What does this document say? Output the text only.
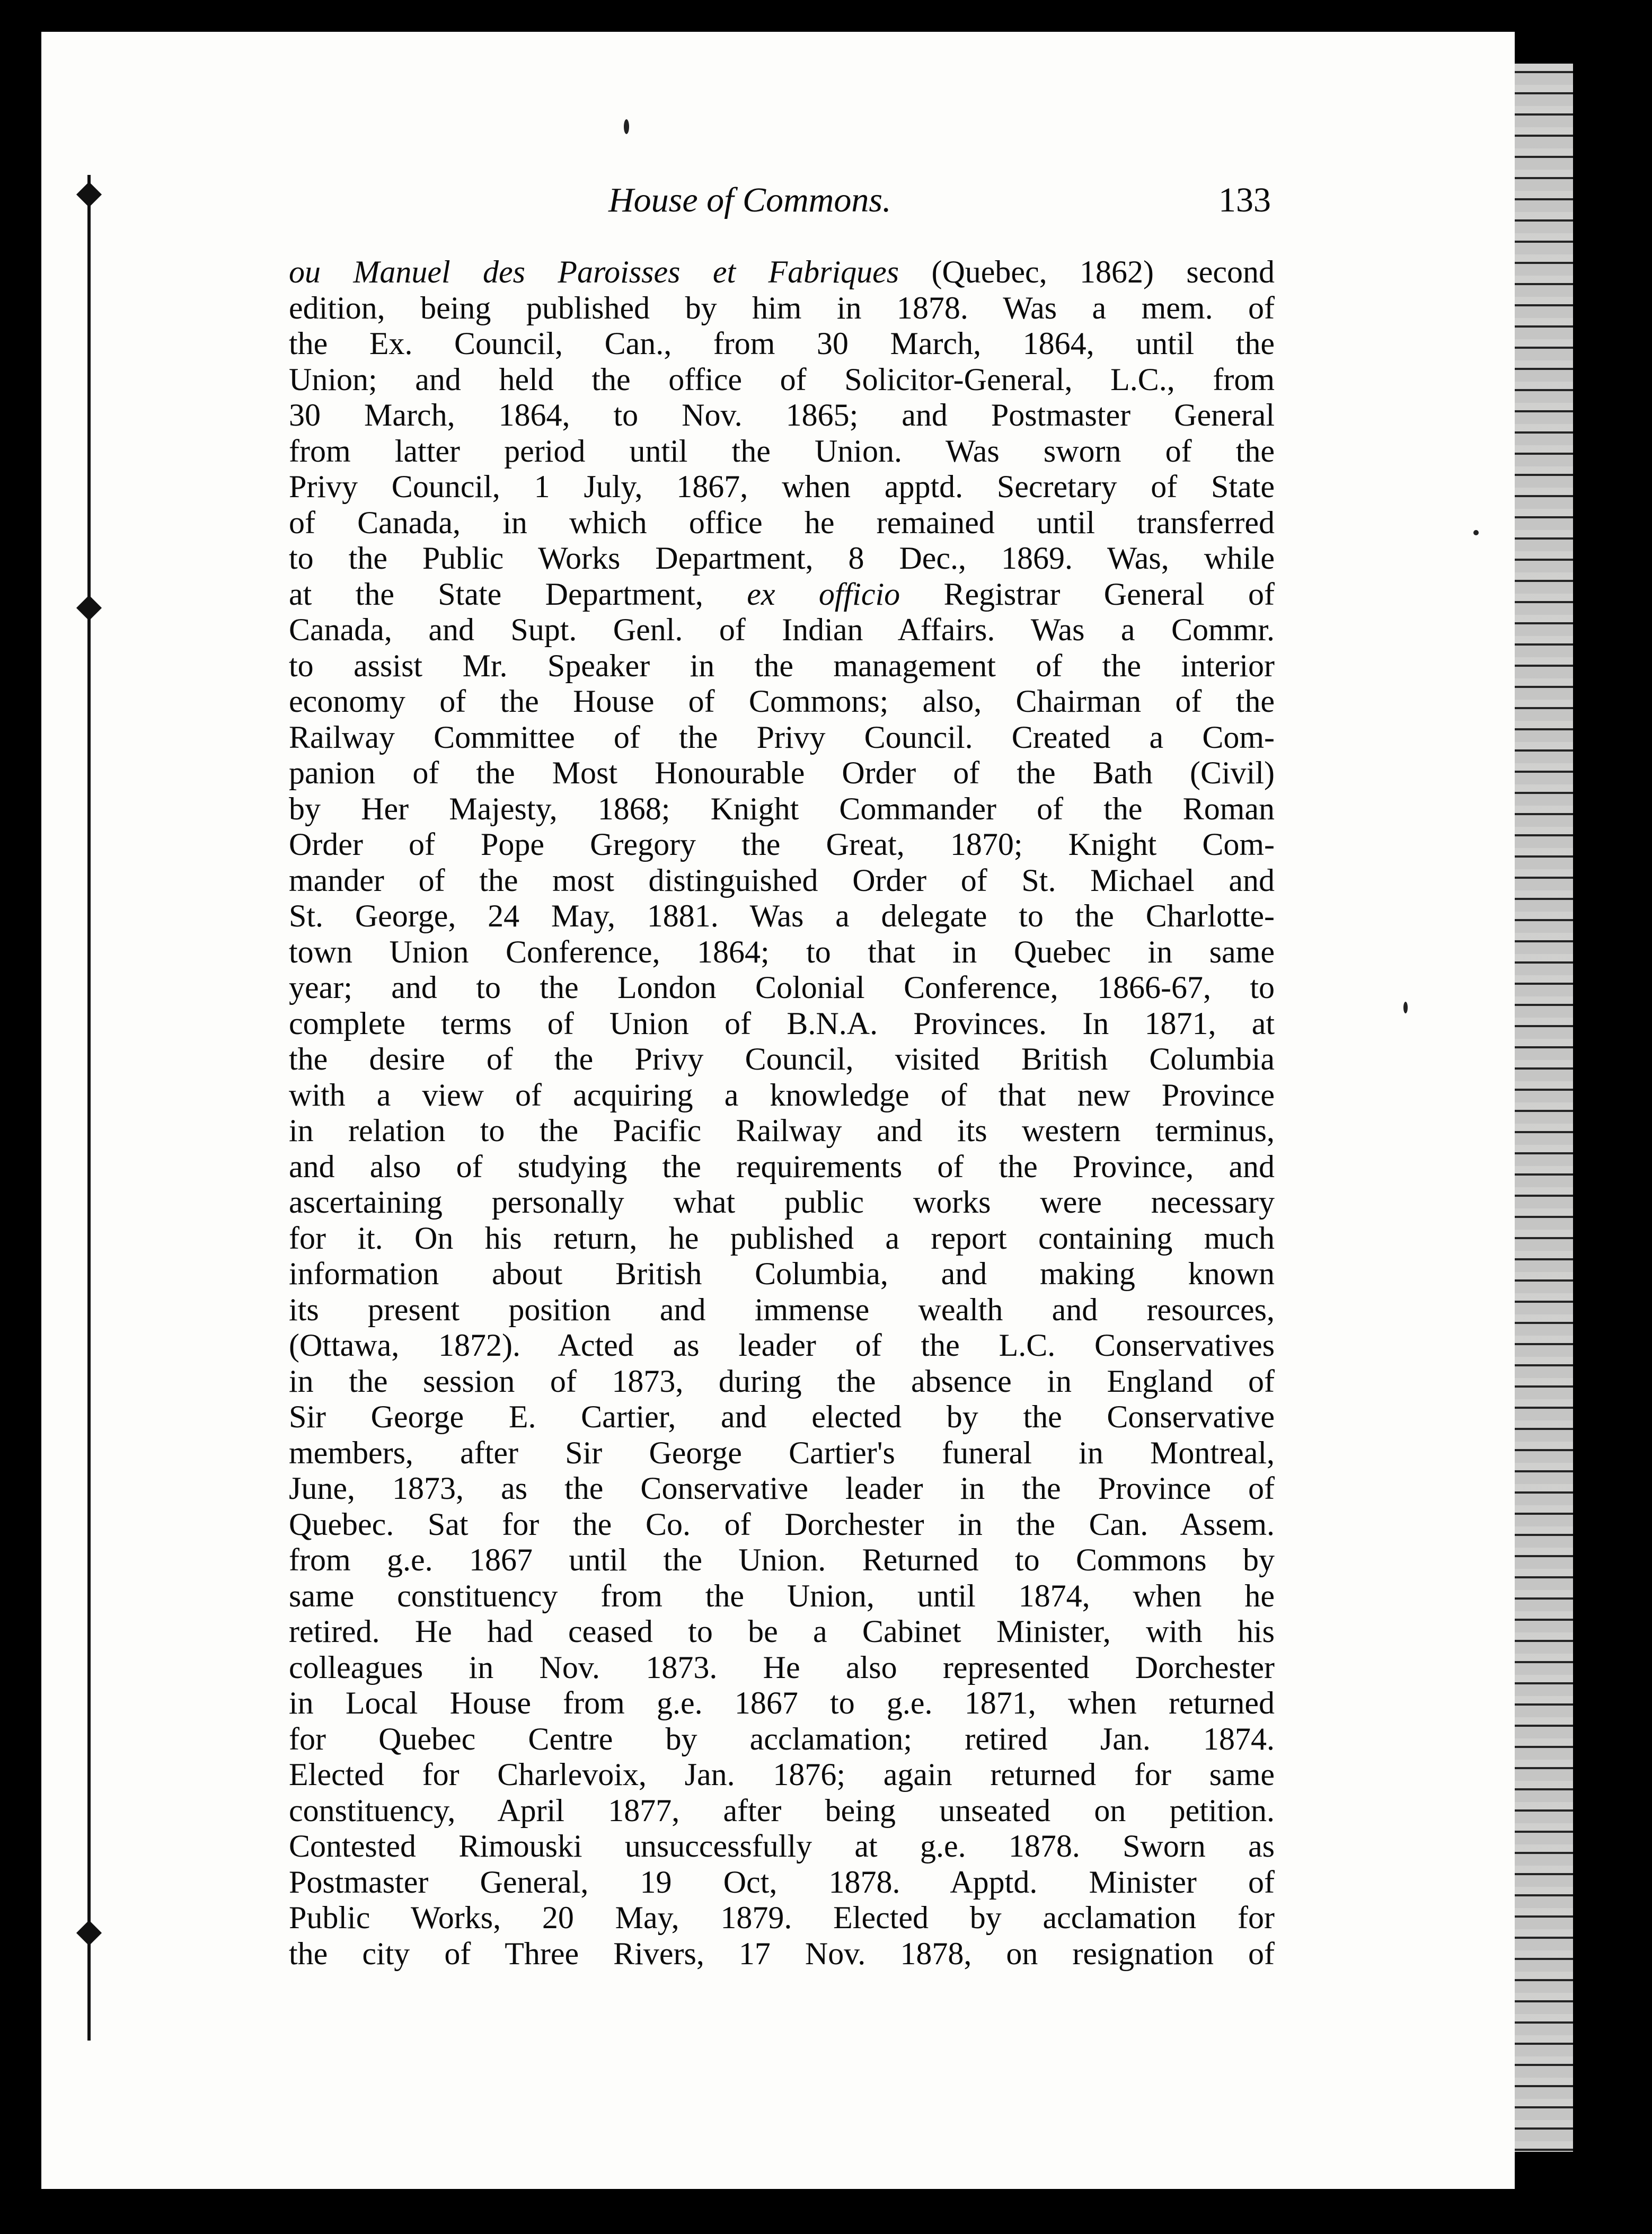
House of Commons.	133
ou Manuel des Paroisses et Fabriques (Quebec, 1862) second
edition, being published by him in 1878. Was a mem. of
the Ex. Council, Can., from 30 March, 1864, until the
Union; and held the office of Solicitor-General, L.C., from
30 March, 1864, to Nov. 1865; and Postmaster General
from latter period until the Union. Was sworn of the
Privy Council, 1 July, 1867, when apptd. Secretary of State
of Canada, in which office he remained until transferred
to the Public Works Department, 8 Dec., 1869. Was, while
at the State Department, ex officio Registrar General of
Canada, and Supt. Genl. of Indian Affairs. Was a Commr.
to assist Mr. Speaker in the management of the interior
economy of the House of Commons; also, Chairman of the
Railway Committee of the Privy Council. Created a Com-
panion of the Most Honourable Order of the Bath (Civil)
by Her Majesty, 1868; Knight Commander of the Roman
Order of Pope Gregory the Great, 1870; Knight Com-
mander of the most distinguished Order of St. Michael and
St. George, 24 May, 1881. Was a delegate to the Charlotte-
town Union Conference, 1864; to that in Quebec in same
year; and to the London Colonial Conference, 1866-67, to
complete terms of Union of B.N.A. Provinces. In 1871, at
the desire of the Privy Council, visited British Columbia
with a view of acquiring a knowledge of that new Province
in relation to the Pacific Railway and its western terminus,
and also of studying the requirements of the Province, and
ascertaining personally what public works were necessary
for it. On his return, he published a report containing much
information about British Columbia, and making known
its present position and immense wealth and resources,
(Ottawa, 1872). Acted as leader of the L.C. Conservatives
in the session of 1873, during the absence in England of
Sir George E. Cartier, and elected by the Conservative
members, after Sir George Cartier's funeral in Montreal,
June, 1873, as the Conservative leader in the Province of
Quebec. Sat for the Co. of Dorchester in the Can. Assem.
from g.e. 1867 until the Union. Returned to Commons by
same constituency from the Union, until 1874, when he
retired. He had ceased to be a Cabinet Minister, with his
colleagues in Nov. 1873. He also represented Dorchester
in Local House from g.e. 1867 to g.e. 1871, when returned
for Quebec Centre by acclamation; retired Jan. 1874.
Elected for Charlevoix, Jan. 1876; again returned for same
constituency, April 1877, after being unseated on petition.
Contested Rimouski unsuccessfully at g.e. 1878. Sworn as
Postmaster General, 19 Oct, 1878. Apptd. Minister of
Public Works, 20 May, 1879. Elected by acclamation for
the city of Three Rivers, 17 Nov. 1878, on resignation of
